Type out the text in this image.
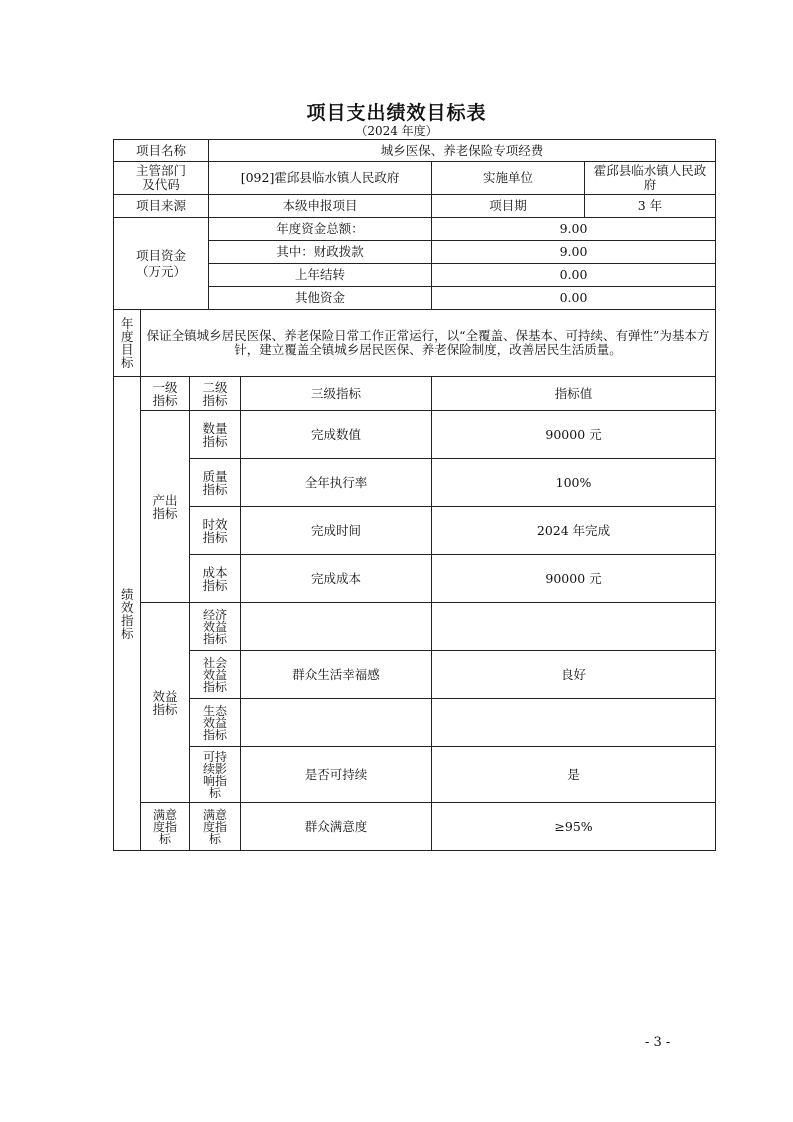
项目支出绩效目标表
（2024 年度）
项目名称			城乡医保、养老保险专项经费			

主管部门及代码			[092]霍邱县临水镇人民政府		实施单位	霍邱县临水镇人民政府
项目来源			本级申报项目		项目期	3 年

项目资金（万元）			年度资金总额：		9.00	
			其中：财政拨款		9.00	
			上年结转		0.00	
			其他资金		0.00	

年度目标	保证全镇城乡居民医保、养老保险日常工作正常运行，以“全覆盖、保基本、可持续、有弹性”为基本方针，建立覆盖全镇城乡居民医保、养老保险制度，改善居民生活质量。					

绩效指标	一级指标	二级指标		三级指标	指标值	

	产出指标	数量指标		完成数值	90000 元	

		质量指标		全年执行率	100%	

		时效指标		完成时间	2024 年完成	

		成本指标		完成成本	90000 元	

	效益指标	经济效益指标				

		社会效益指标		群众生活幸福感	良好	

		生态效益指标				

		可持续影响指标		是否可持续	是	

	满意度指标	满意度指标		群众满意度	≥95%	
- 3 -
